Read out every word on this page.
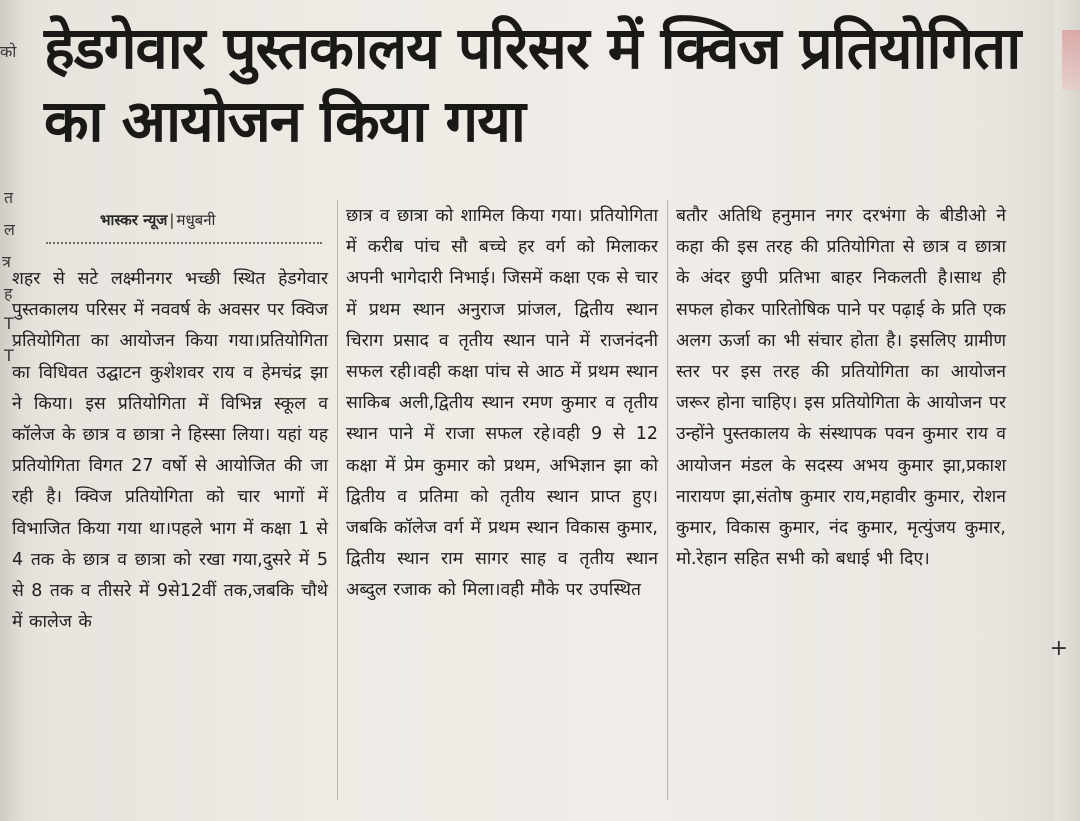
को
त
ल
त्र
ह
T
T
हेडगेवार पुस्तकालय परिसर में क्विज प्रतियोगिता का आयोजन किया गया
भास्कर न्यूज | मधुबनी

शहर से सटे लक्ष्मीनगर भच्छी स्थित हेडगेवार पुस्तकालय परिसर में नववर्ष के अवसर पर क्विज प्रतियोगिता का आयोजन किया गया।प्रतियोगिता का विधिवत उद्घाटन कुशेशवर राय व हेमचंद्र झा ने किया। इस प्रतियोगिता में विभिन्न स्कूल व कॉलेज के छात्र व छात्रा ने हिस्सा लिया। यहां यह प्रतियोगिता विगत 27 वर्षो से आयोजित की जा रही है। क्विज प्रतियोगिता को चार भागों में विभाजित किया गया था।पहले भाग में कक्षा 1 से 4 तक के छात्र व छात्रा को रखा गया,दुसरे में 5 से 8 तक व तीसरे में 9से12वीं तक,जबकि चौथे में कालेज के

छात्र व छात्रा को शामिल किया गया। प्रतियोगिता में करीब पांच सौ बच्चे हर वर्ग को मिलाकर अपनी भागेदारी निभाई। जिसमें कक्षा एक से चार में प्रथम स्थान अनुराज प्रांजल, द्वितीय स्थान चिराग प्रसाद व तृतीय स्थान पाने में राजनंदनी सफल रही।वही कक्षा पांच से आठ में प्रथम स्थान साकिब अली,द्वितीय स्थान रमण कुमार व तृतीय स्थान पाने में राजा सफल रहे।वही 9 से 12 कक्षा में प्रेम कुमार को प्रथम, अभिज्ञान झा को द्वितीय व प्रतिमा को तृतीय स्थान प्राप्त हुए। जबकि कॉलेज वर्ग में प्रथम स्थान विकास कुमार, द्वितीय स्थान राम सागर साह व तृतीय स्थान अब्दुल रजाक को मिला।वही मौके पर उपस्थित

बतौर अतिथि हनुमान नगर दरभंगा के बीडीओ ने कहा की इस तरह की प्रतियोगिता से छात्र व छात्रा के अंदर छुपी प्रतिभा बाहर निकलती है।साथ ही सफल होकर पारितोषिक पाने पर पढ़ाई के प्रति एक अलग ऊर्जा का भी संचार होता है। इसलिए ग्रामीण स्तर पर इस तरह की प्रतियोगिता का आयोजन जरूर होना चाहिए। इस प्रतियोगिता के आयोजन पर उन्होंने पुस्तकालय के संस्थापक पवन कुमार राय व आयोजन मंडल के सदस्य अभय कुमार झा,प्रकाश नारायण झा,संतोष कुमार राय,महावीर कुमार, रोशन कुमार, विकास कुमार, नंद कुमार, मृत्युंजय कुमार, मो.रेहान सहित सभी को बधाई भी दिए।

+
